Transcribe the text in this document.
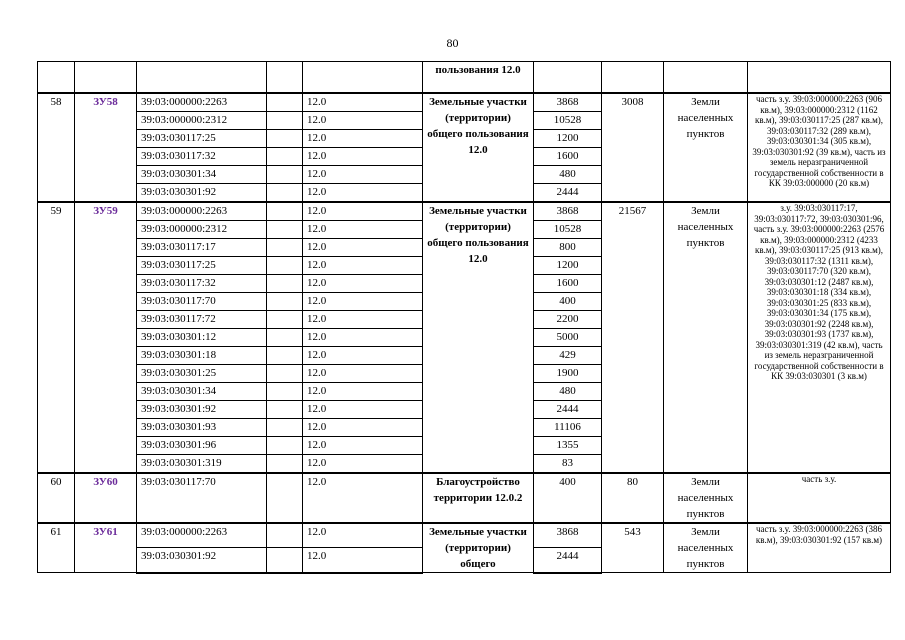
80
					пользования 12.0				
58	ЗУ58	39:03:000000:2263		12.0	Земельные участки (территории) общего пользования 12.0	3868	3008	Земли населенных пунктов	часть з.у. 39:03:000000:2263 (906 кв.м), 39:03:000000:2312 (1162 кв.м), 39:03:030117:25 (287 кв.м), 39:03:030117:32 (289 кв.м), 39:03:030301:34 (305 кв.м), 39:03:030301:92 (39 кв.м), часть из земель неразграниченной государственной собственности в КК 39:03:000000 (20 кв.м)
		39:03:000000:2312		12.0		10528			
		39:03:030117:25		12.0		1200			
		39:03:030117:32		12.0		1600			
		39:03:030301:34		12.0		480			
		39:03:030301:92		12.0		2444			
59	ЗУ59	39:03:000000:2263		12.0	Земельные участки (территории) общего пользования 12.0	3868	21567	Земли населенных пунктов	з.у. 39:03:030117:17, 39:03:030117:72, 39:03:030301:96, часть з.у. 39:03:000000:2263 (2576 кв.м), 39:03:000000:2312 (4233 кв.м), 39:03:030117:25 (913 кв.м), 39:03:030117:32 (1311 кв.м), 39:03:030117:70 (320 кв.м), 39:03:030301:12 (2487 кв.м), 39:03:030301:18 (334 кв.м), 39:03:030301:25 (833 кв.м), 39:03:030301:34 (175 кв.м), 39:03:030301:92 (2248 кв.м), 39:03:030301:93 (1737 кв.м), 39:03:030301:319 (42 кв.м), часть из земель неразграниченной государственной собственности в КК 39:03:030301 (3 кв.м)
		39:03:000000:2312		12.0		10528			
		39:03:030117:17		12.0		800			
		39:03:030117:25		12.0		1200			
		39:03:030117:32		12.0		1600			
		39:03:030117:70		12.0		400			
		39:03:030117:72		12.0		2200			
		39:03:030301:12		12.0		5000			
		39:03:030301:18		12.0		429			
		39:03:030301:25		12.0		1900			
		39:03:030301:34		12.0		480			
		39:03:030301:92		12.0		2444			
		39:03:030301:93		12.0		11106			
		39:03:030301:96		12.0		1355			
		39:03:030301:319		12.0		83			
60	ЗУ60	39:03:030117:70		12.0	Благоустройство территории 12.0.2	400	80	Земли населенных пунктов	часть з.у.
61	ЗУ61	39:03:000000:2263		12.0	Земельные участки (территории) общего	3868	543	Земли населенных пунктов	часть з.у. 39:03:000000:2263 (386 кв.м), 39:03:030301:92 (157 кв.м)
		39:03:030301:92		12.0		2444			
